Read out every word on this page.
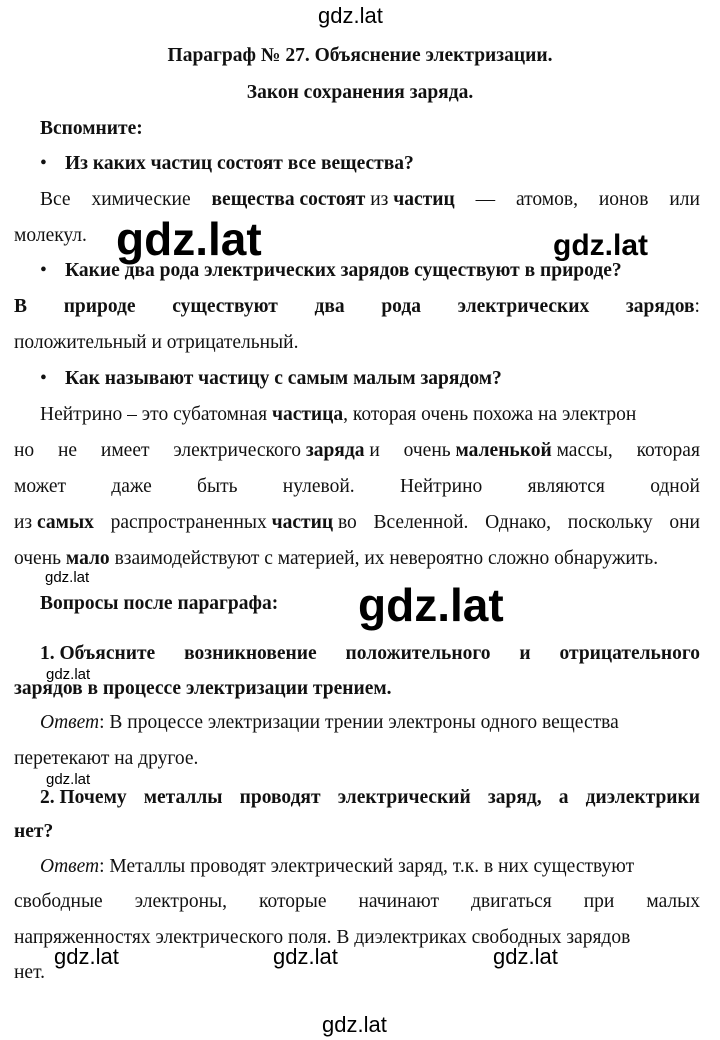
gdz.lat
gdz.lat	gdz.lat
gdz.lat
gdz.lat
gdz.lat
gdz.lat
gdz.lat	gdz.lat	gdz.lat
gdz.lat
Параграф № 27. Объяснение электризации.
Закон сохранения заряда.
Вспомните:
• Из каких частиц состоят все вещества?
Все химические вещества состоят из частиц — атомов, ионов или
молекул.
• Какие два рода электрических зарядов существуют в природе?
В природе существуют два рода электрических зарядов:
положительный и отрицательный.
• Как называют частицу с самым малым зарядом?
Нейтрино – это субатомная частица, которая очень похожа на электрон
но не имеет электрического заряда и очень маленькой массы, которая
может даже быть нулевой. Нейтрино являются одной
из самых распространенных частиц во Вселенной. Однако, поскольку они
очень мало взаимодействуют с материей, их невероятно сложно обнаружить.
Вопросы после параграфа:
1. Объясните возникновение положительного и отрицательного
зарядов в процессе электризации трением.
Ответ: В процессе электризации трении электроны одного вещества
перетекают на другое.
2. Почему металлы проводят электрический заряд, а диэлектрики
нет?
Ответ: Металлы проводят электрический заряд, т.к. в них существуют
свободные электроны, которые начинают двигаться при малых
напряженностях электрического поля. В диэлектриках свободных зарядов
нет.
